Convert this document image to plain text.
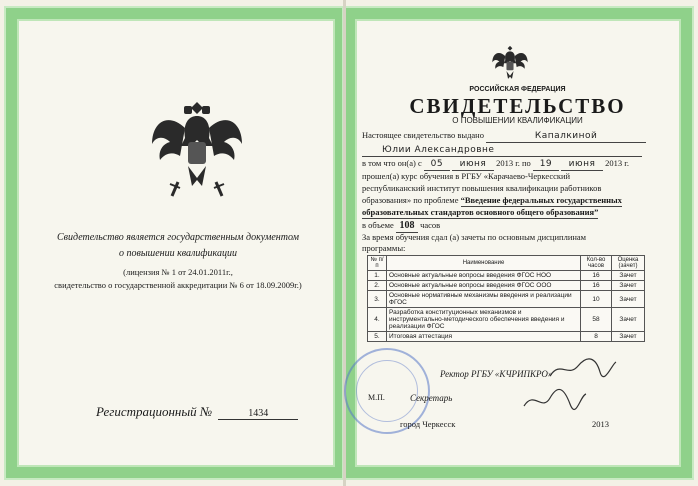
Свидетельство является государственным документом
о повышении квалификации
(лицензия № 1 от 24.01.2011г.,
свидетельство о государственной аккредитации № 6 от 18.09.2009г.)
Регистрационный №	1434
РОССИЙСКАЯ ФЕДЕРАЦИЯ
СВИДЕТЕЛЬСТВО
О ПОВЫШЕНИИ КВАЛИФИКАЦИИ
Настоящее свидетельство выдано	Капалкиной
Юлии Александровне
в том что он(а) с 05 июня 2013 г. по 19 июня 2013 г.
прошел(а) курс обучения в РГБУ «Карачаево-Черкесский
республиканский институт повышения квалификации работников
образования» по проблеме “Введение федеральных государственных
образовательных стандартов основного общего образования”
в объеме 108 часов
За время обучения сдал (а) зачеты по основным дисциплинам
программы:
№ п/п	Наименование	Кол-во часов	Оценка (зачет)
1.	Основные актуальные вопросы введения ФГОС НОО	16	Зачет
2.	Основные актуальные вопросы введения ФГОС ООО	16	Зачет
3.	Основные нормативные механизмы введения и реализации ФГОС	10	Зачет
4.	Разработка конституционных механизмов и инструментально-методического обеспечения введения и реализации ФГОС	58	Зачет
5.	Итоговая аттестация	8	Зачет
Ректор РГБУ «КЧРИПКРО»
М.П.	Секретарь
город Черкесск	2013
